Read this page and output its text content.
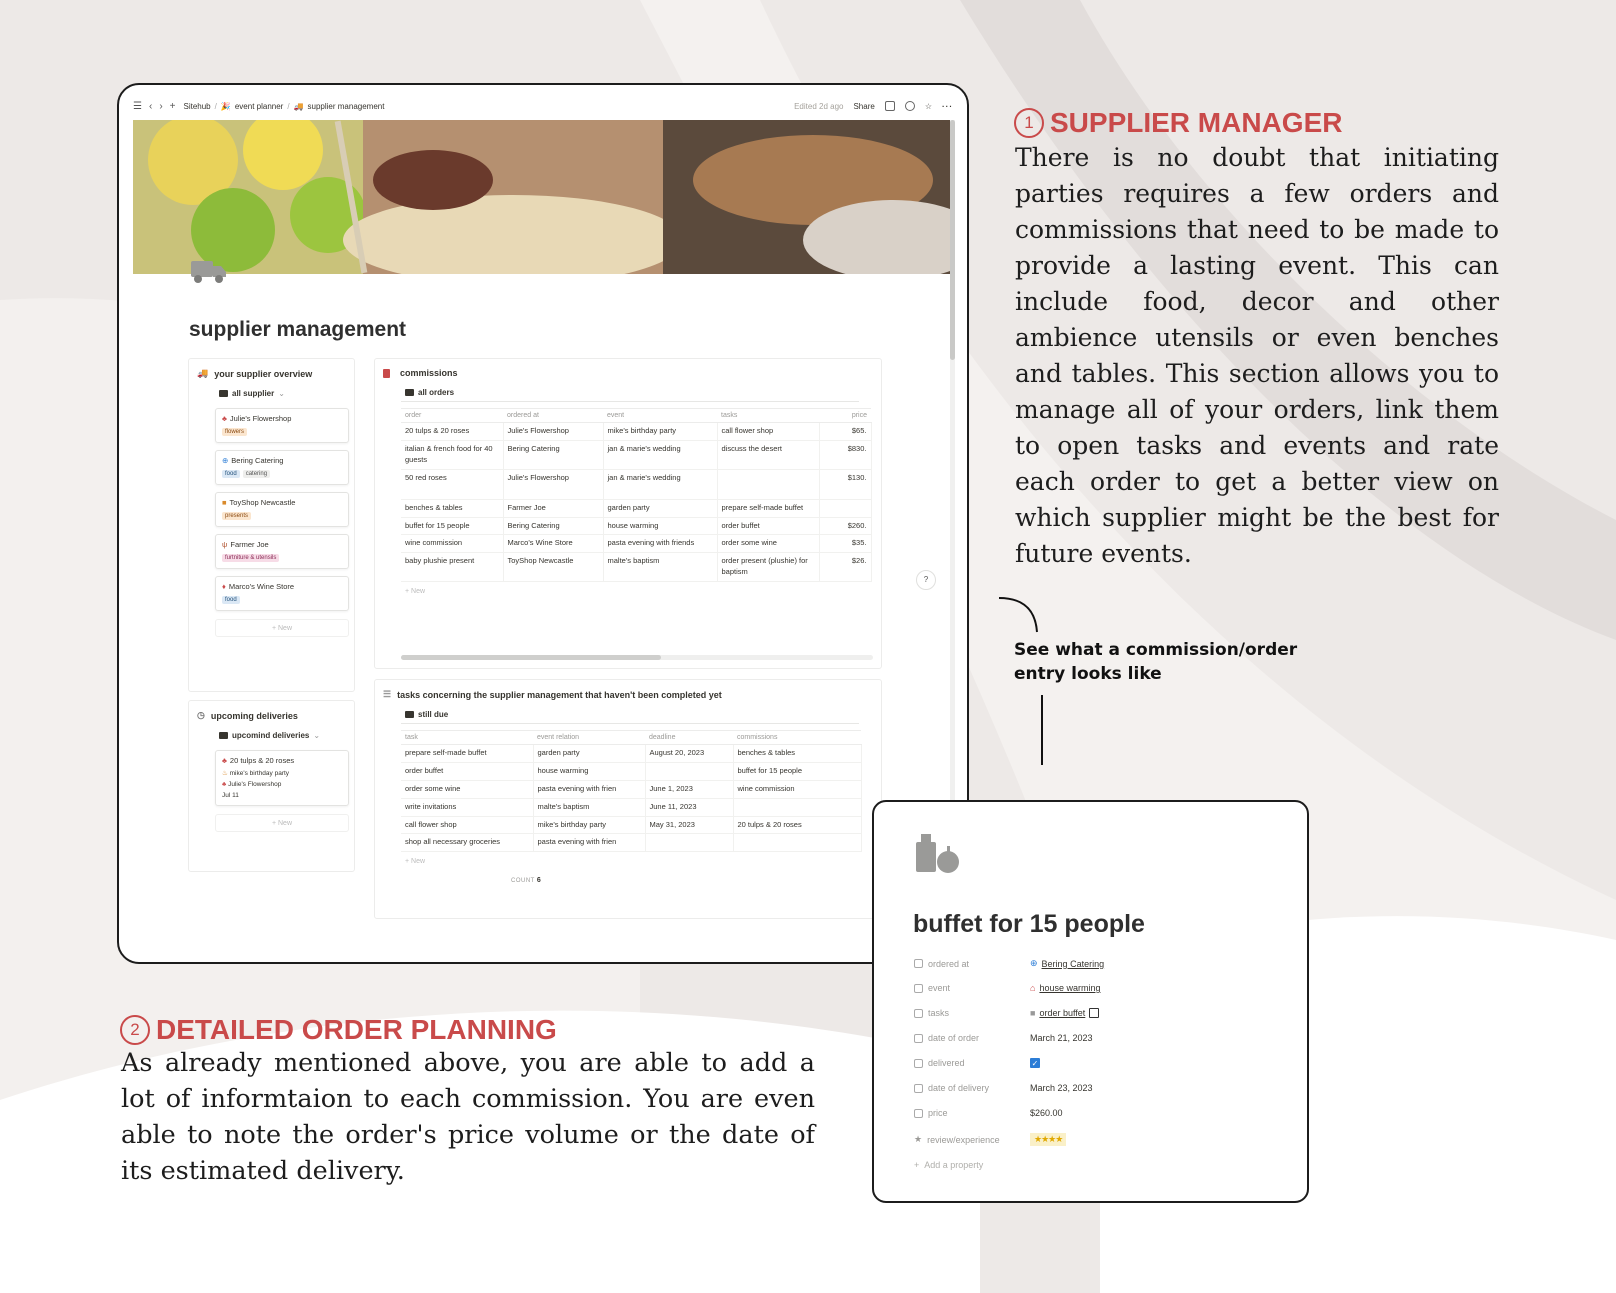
☰ ‹ › + Sitehub / 🎉 event planner / 🚚 supplier management	Edited 2d ago Share	☆ ···
supplier management
🚚 your supplier overview
all supplier ⌄
♣ Julie's Flowershop
flowers
⊕ Bering Catering
food	catering
■ ToyShop Newcastle
presents
ψ Farmer Joe
furtniture & utensils
♦ Marco's Wine Store
food
+ New
◷ upcoming deliveries
upcomind deliveries ⌄
♣ 20 tulps & 20 roses
♨ mike's birthday party
♣ Julie's Flowershop
Jul 11
+ New
commissions
all orders
order	ordered at	event	tasks	price
20 tulps & 20 roses	Julie's Flowershop	mike's birthday party	call flower shop	$65.
italian & french food for 40 guests	Bering Catering	jan & marie's wedding	discuss the desert	$830.
50 red roses	Julie's Flowershop	jan & marie's wedding		$130.
benches & tables	Farmer Joe	garden party	prepare self-made buffet	
buffet for 15 people	Bering Catering	house warming	order buffet	$260.
wine commission	Marco's Wine Store	pasta evening with friends	order some wine	$35.
baby plushie present	ToyShop Newcastle	malte's baptism	order present (plushie) for baptism	$26.
+ New
☰ tasks concerning the supplier management that haven't been completed yet
still due
task	event relation	deadline	commissions
prepare self-made buffet	garden party	August 20, 2023	benches & tables
order buffet	house warming		buffet for 15 people
order some wine	pasta evening with frien	June 1, 2023	wine commission
write invitations	malte's baptism	June 11, 2023	
call flower shop	mike's birthday party	May 31, 2023	20 tulps & 20 roses
shop all necessary groceries	pasta evening with frien		
+ New
COUNT 6
?
1 SUPPLIER MANAGER
There is no doubt that initiating parties requires a few orders and commissions that need to be made to provide a lasting event. This can include food, decor and other ambience utensils or even benches and tables. This section allows you to manage all of your orders, link them to open tasks and events and rate each order to get a better view on which supplier might be the best for future events.
See what a commission/order
entry looks like
2 DETAILED ORDER PLANNING
As already mentioned above, you are able to add a lot of informtaion to each commission. You are even able to note the order's price volume or the date of its estimated delivery.
buffet for 15 people
ordered at	⊕ Bering Catering
event	⌂ house warming
tasks	■ order buffet
date of order	March 21, 2023
delivered	✓
date of delivery	March 23, 2023
price	$260.00
★ review/experience	★★★★
+ Add a property
